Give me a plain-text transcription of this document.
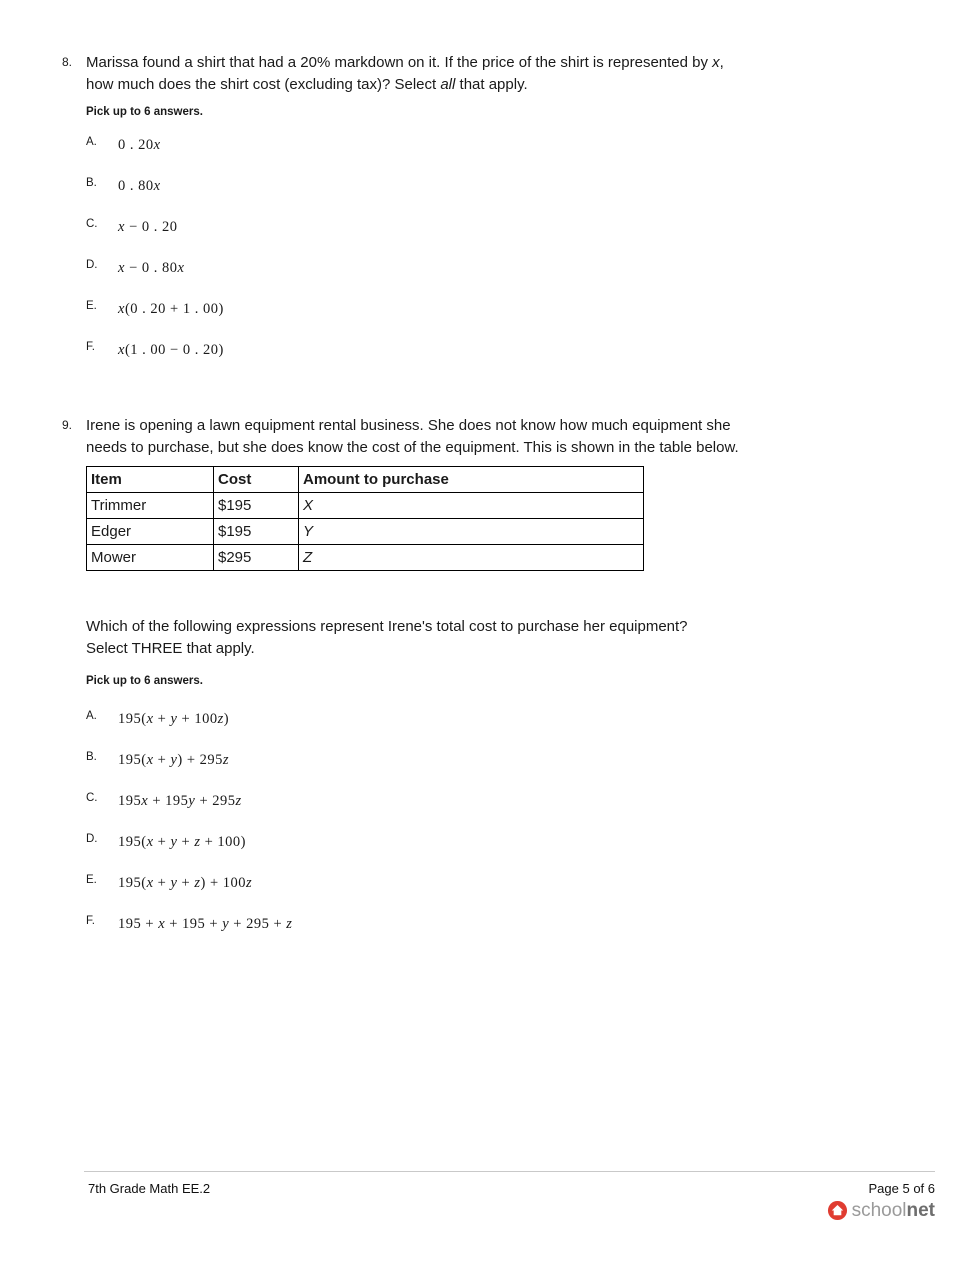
8. Marissa found a shirt that had a 20% markdown on it. If the price of the shirt is represented by x, how much does the shirt cost (excluding tax)? Select all that apply.

Pick up to 6 answers.

A.	0 . 20x
B.	0 . 80x
C.	x − 0 . 20
D.	x − 0 . 80x
E.	x(0 . 20 + 1 . 00)
F.	x(1 . 00 − 0 . 20)
9. Irene is opening a lawn equipment rental business. She does not know how much equipment she needs to purchase, but she does know the cost of the equipment. This is shown in the table below.

Item	Cost	Amount to purchase
Trimmer	$195	X
Edger	$195	Y
Mower	$295	Z

Which of the following expressions represent Irene's total cost to purchase her equipment? Select THREE that apply.

Pick up to 6 answers.

A.	195(x + y + 100z)
B.	195(x + y) + 295z
C.	195x + 195y + 295z
D.	195(x + y + z + 100)
E.	195(x + y + z) + 100z
F.	195 + x + 195 + y + 295 + z
7th Grade Math EE.2	Page 5 of 6
schoolnet
